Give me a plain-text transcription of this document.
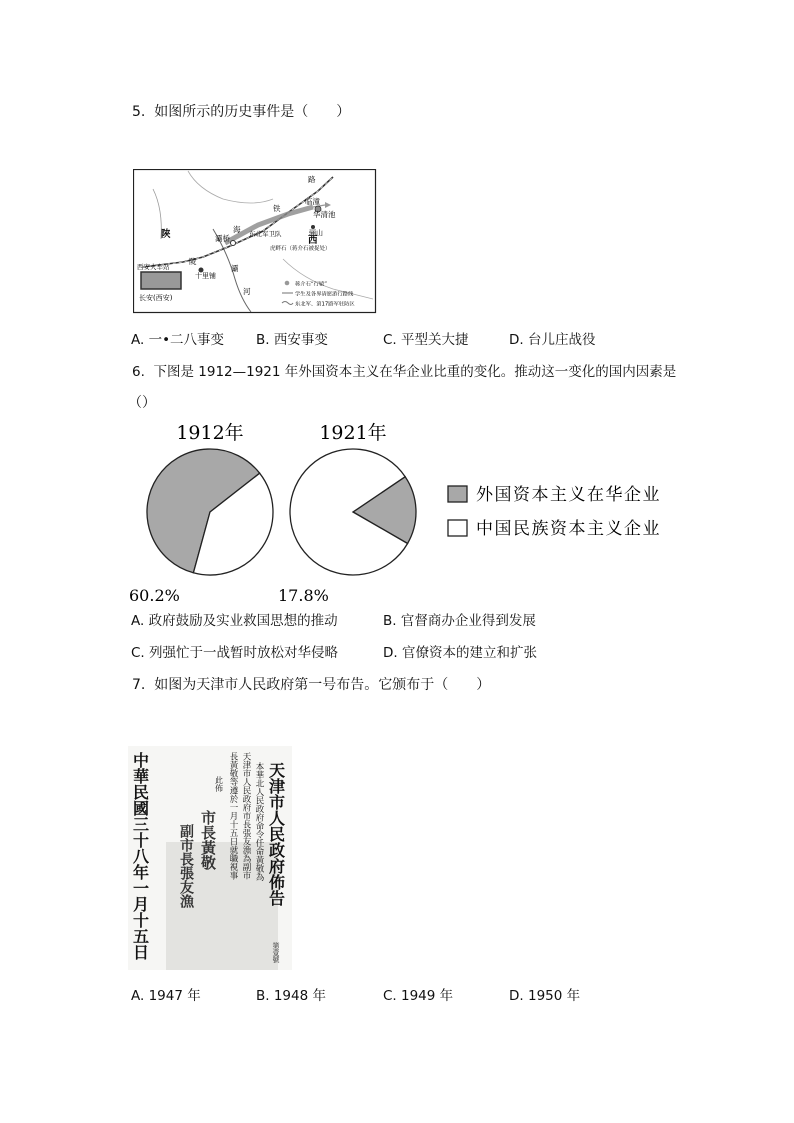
5. 如图所示的历史事件是（　　）
陕
西
灞桥
临潼
华清池
骊山
东北军卫队
虎畔石（蒋介石被捉处）
西安火车站
十里铺
长安(西安)
陇
海
铁
路
灞
河
蒋介石“行辕”
学生及各界请愿游行路线
东北军、第17路军驻防区
A. 一•二八事变 B. 西安事变	C. 平型关大捷	D. 台儿庄战役
6. 下图是 1912—1921 年外国资本主义在华企业比重的变化。推动这一变化的国内因素是
（）
1912年	1921年
60.2%	17.8%
外国资本主义在华企业
中国民族资本主义企业
A. 政府鼓励及实业救国思想的推动	B. 官督商办企业得到发展
C. 列强忙于一战暂时放松对华侵略	D. 官僚资本的建立和扩张
7. 如图为天津市人民政府第一号布告。它颁布于（　　）
天津市人民政府佈告
第壹號
本華北人民政府命令任命黃敬為
天津市人民政府市長張友漁為副市
長黃敬等遵於一月十五日就職視事
此佈
市長黃敬
副市長張友漁
中華民國三十八年一月十五日
A. 1947 年	B. 1948 年	C. 1949 年	D. 1950 年
